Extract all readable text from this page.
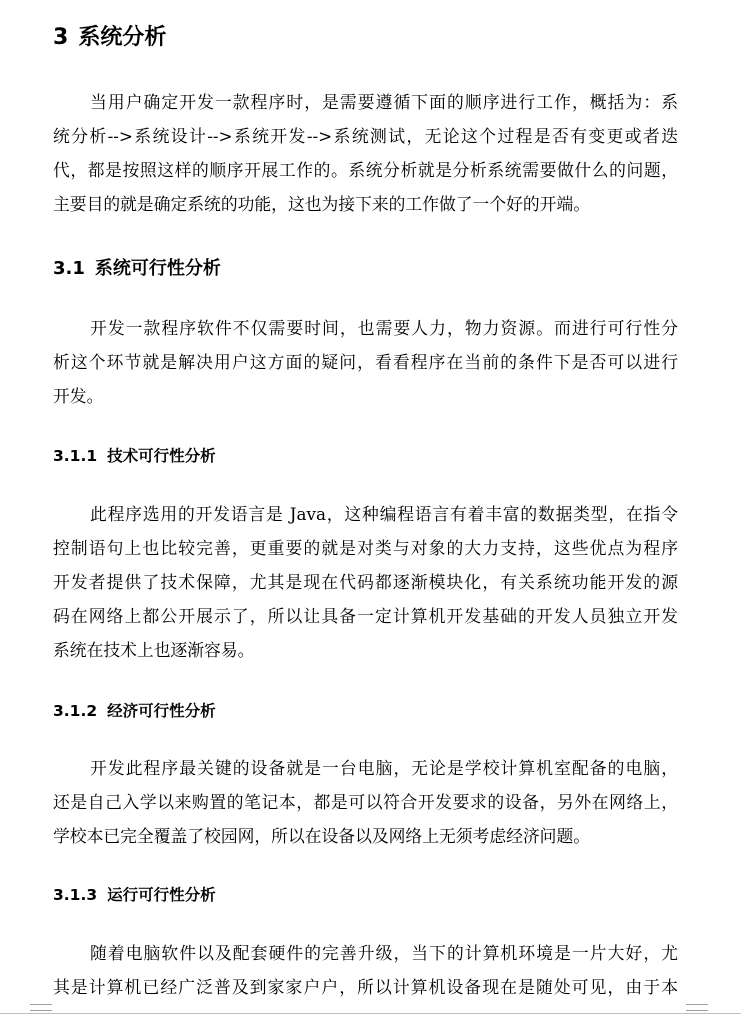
3 系统分析
当用户确定开发一款程序时，是需要遵循下面的顺序进行工作，概括为：系
统分析-->系统设计-->系统开发-->系统测试，无论这个过程是否有变更或者迭
代，都是按照这样的顺序开展工作的。系统分析就是分析系统需要做什么的问题，
主要目的就是确定系统的功能，这也为接下来的工作做了一个好的开端。
3.1 系统可行性分析
开发一款程序软件不仅需要时间，也需要人力，物力资源。而进行可行性分
析这个环节就是解决用户这方面的疑问，看看程序在当前的条件下是否可以进行
开发。
3.1.1 技术可行性分析
此程序选用的开发语言是 Java，这种编程语言有着丰富的数据类型，在指令
控制语句上也比较完善，更重要的就是对类与对象的大力支持，这些优点为程序
开发者提供了技术保障，尤其是现在代码都逐渐模块化，有关系统功能开发的源
码在网络上都公开展示了，所以让具备一定计算机开发基础的开发人员独立开发
系统在技术上也逐渐容易。
3.1.2 经济可行性分析
开发此程序最关键的设备就是一台电脑，无论是学校计算机室配备的电脑，
还是自己入学以来购置的笔记本，都是可以符合开发要求的设备，另外在网络上，
学校本已完全覆盖了校园网，所以在设备以及网络上无须考虑经济问题。
3.1.3 运行可行性分析
随着电脑软件以及配套硬件的完善升级，当下的计算机环境是一片大好，尤
其是计算机已经广泛普及到家家户户，所以计算机设备现在是随处可见，由于本
